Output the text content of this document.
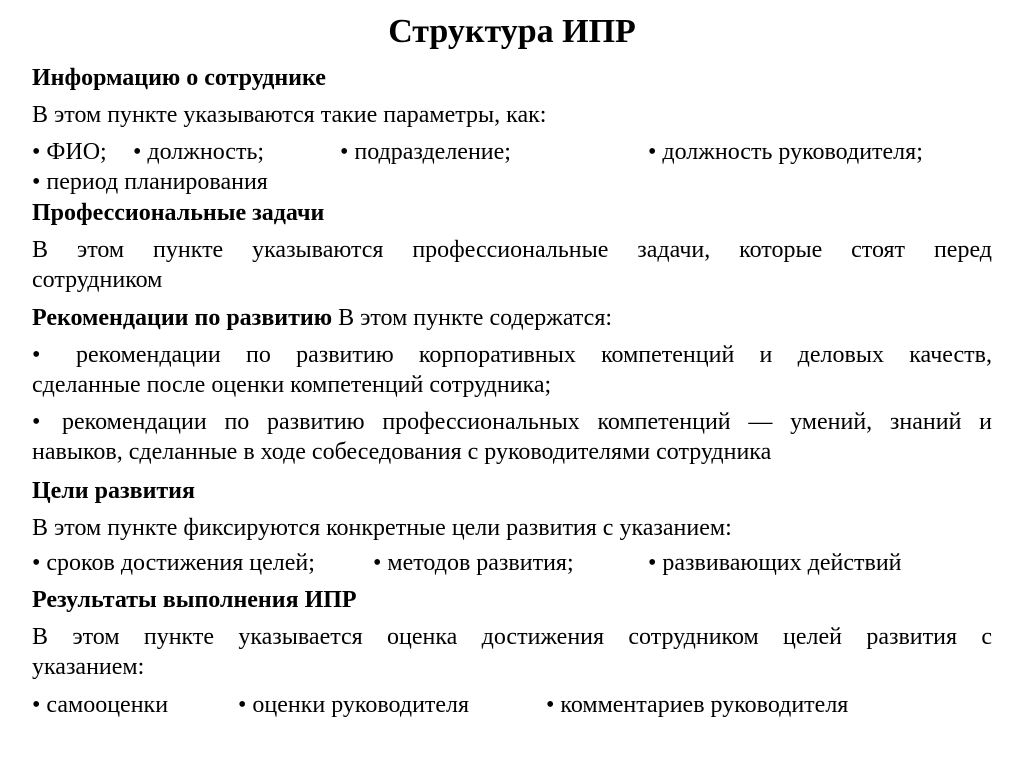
Структура ИПР
Информацию о сотруднике
В этом пункте указываются такие параметры, как:
• ФИО; • должность;	• подразделение;	• должность руководителя;
• период планирования
Профессиональные задачи
В этом пункте указываются профессиональные задачи, которые стоят перед
сотрудником
Рекомендации по развитию В этом пункте содержатся:
• рекомендации по развитию корпоративных компетенций и деловых качеств,
сделанные после оценки компетенций сотрудника;
• рекомендации по развитию профессиональных компетенций — умений, знаний и
навыков, сделанные в ходе собеседования с руководителями сотрудника
Цели развития
В этом пункте фиксируются конкретные цели развития с указанием:
• сроков достижения целей; • методов развития;	• развивающих действий
Результаты выполнения ИПР
В этом пункте указывается оценка достижения сотрудником целей развития с
указанием:
• самооценки	• оценки руководителя	• комментариев руководителя
